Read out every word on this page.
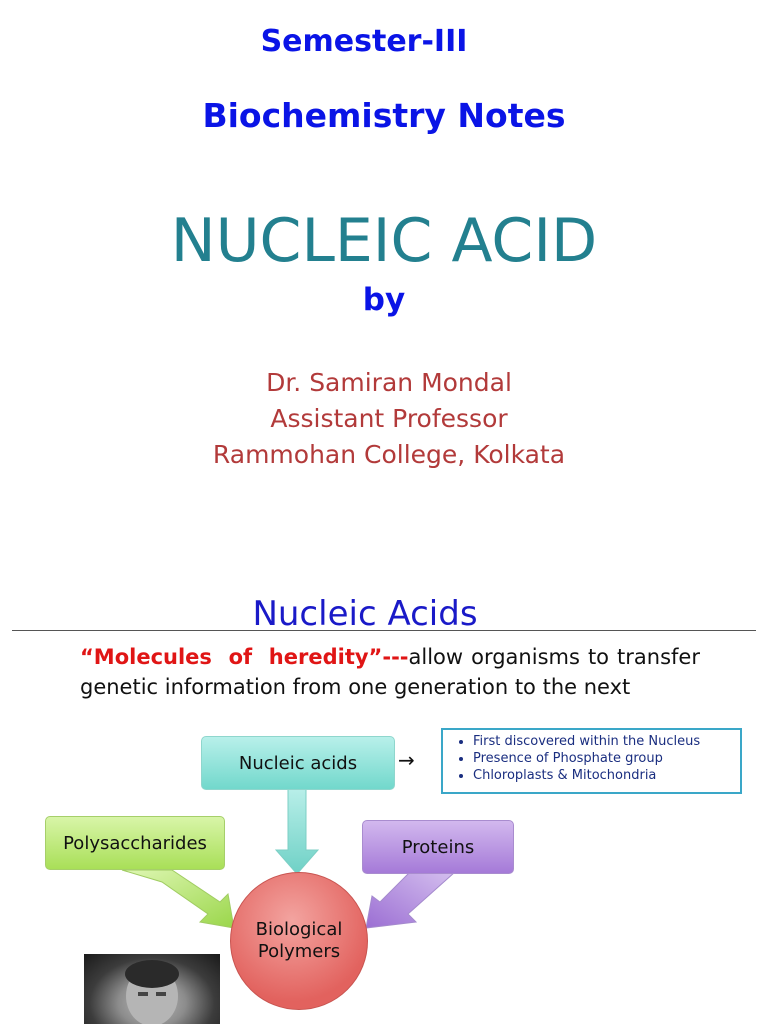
Semester-III
Biochemistry Notes
NUCLEIC ACID
by
Dr. Samiran Mondal
Assistant Professor
Rammohan College, Kolkata
Nucleic Acids
“Molecules of heredity”---allow organisms to transfer genetic information from one generation to the next
Nucleic acids	→
• First discovered within the Nucleus
• Presence of Phosphate group
• Chloroplasts & Mitochondria
Polysaccharides	Proteins
Biological
Polymers
